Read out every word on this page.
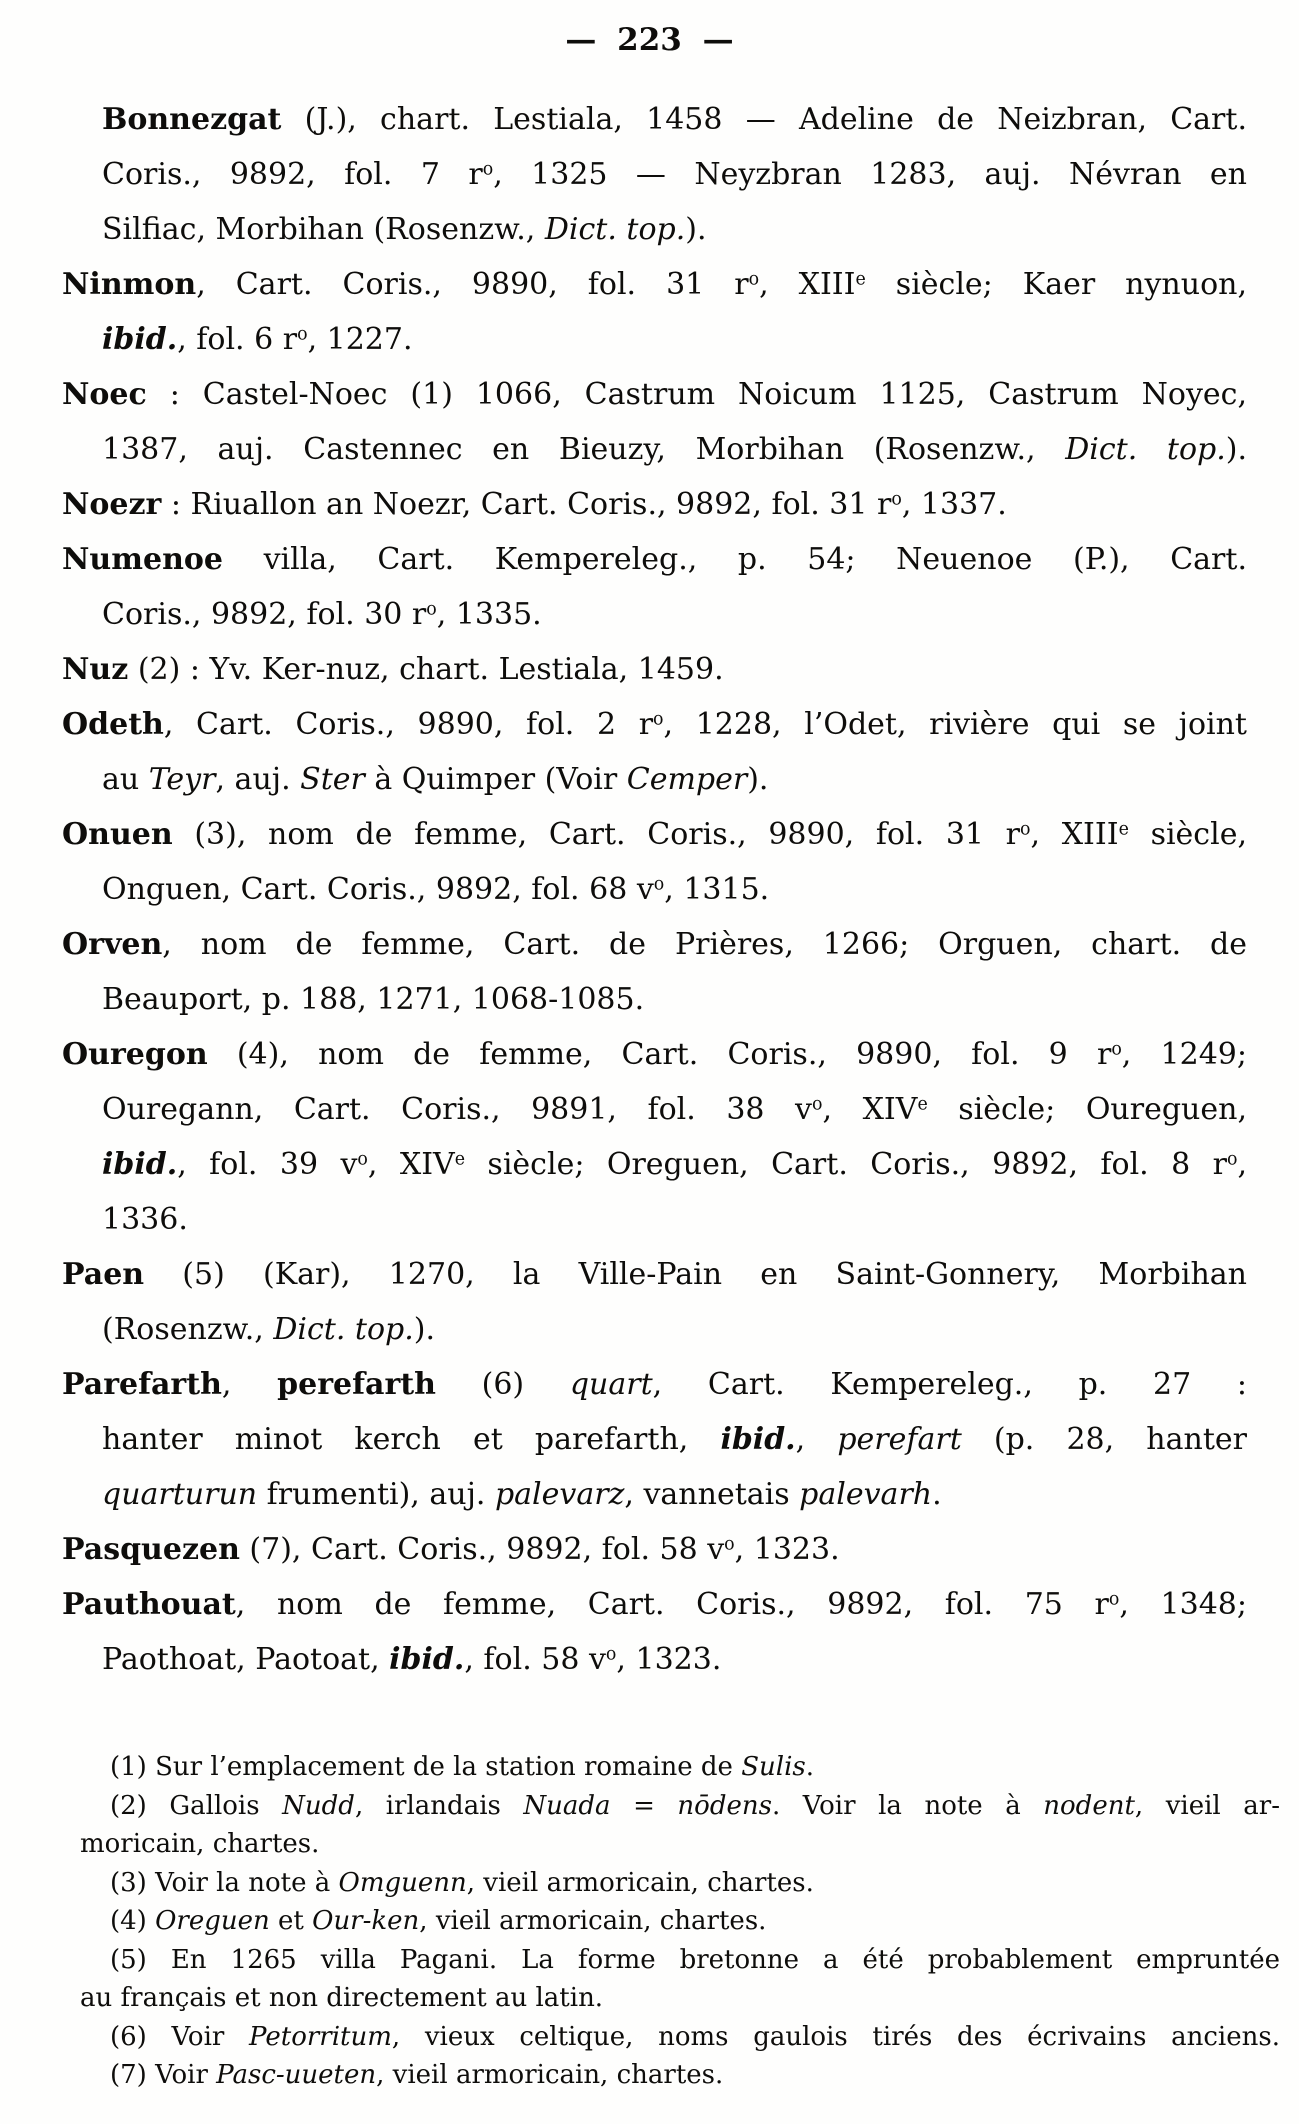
— 223 —
Bonnezgat (J.), chart. Lestiala, 1458 — Adeline de Neizbran, Cart.
Coris., 9892, fol. 7 $r^o$, 1325 — Neyzbran 1283, auj. Névran en
Silfiac, Morbihan (Rosenzw., Dict. top.).
Ninmon, Cart. Coris., 9890, fol. 31 $r^o$, XIIIe siècle; Kaer nynuon,
ibid., fol. 6 $r^o$, 1227.
Noec : Castel-Noec (1) 1066, Castrum Noicum 1125, Castrum Noyec,
1387, auj. Castennec en Bieuzy, Morbihan (Rosenzw., Dict. top.).
Noezr : Riuallon an Noezr, Cart. Coris., 9892, fol. 31 $r^o$, 1337.
Numenoe villa, Cart. Kempereleg., p. 54; Neuenoe (P.), Cart.
Coris., 9892, fol. 30 $r^o$, 1335.
Nuz (2) : Yv. Ker-nuz, chart. Lestiala, 1459.
Odeth, Cart. Coris., 9890, fol. 2 $r^o$, 1228, l’Odet, rivière qui se joint
au Teyr, auj. Ster à Quimper (Voir Cemper).
Onuen (3), nom de femme, Cart. Coris., 9890, fol. 31 $r^o$, XIIIe siècle,
Onguen, Cart. Coris., 9892, fol. 68 $v^o$, 1315.
Orven, nom de femme, Cart. de Prières, 1266; Orguen, chart. de
Beauport, p. 188, 1271, 1068-1085.
Ouregon (4), nom de femme, Cart. Coris., 9890, fol. 9 $r^o$, 1249;
Ouregann, Cart. Coris., 9891, fol. 38 $v^o$, XIVe siècle; Oureguen,
ibid., fol. 39 $v^o$, XIVe siècle; Oreguen, Cart. Coris., 9892, fol. 8 $r^o$,
1336.
Paen (5) (Kar), 1270, la Ville-Pain en Saint-Gonnery, Morbihan
(Rosenzw., Dict. top.).
Parefarth, perefarth (6) quart, Cart. Kempereleg., p. 27 :
hanter minot kerch et parefarth, ibid., perefart (p. 28, hanter
quarturun frumenti), auj. palevarz, vannetais palevarh.
Pasquezen (7), Cart. Coris., 9892, fol. 58 $v^o$, 1323.
Pauthouat, nom de femme, Cart. Coris., 9892, fol. 75 $r^o$, 1348;
Paothoat, Paotoat, ibid., fol. 58 $v^o$, 1323.
(1) Sur l’emplacement de la station romaine de Sulis.
(2) Gallois Nudd, irlandais Nuada = nōdens. Voir la note à nodent, vieil ar-
moricain, chartes.
(3) Voir la note à Omguenn, vieil armoricain, chartes.
(4) Oreguen et Our-ken, vieil armoricain, chartes.
(5) En 1265 villa Pagani. La forme bretonne a été probablement empruntée
au français et non directement au latin.
(6) Voir Petorritum, vieux celtique, noms gaulois tirés des écrivains anciens.
(7) Voir Pasc-uueten, vieil armoricain, chartes.
